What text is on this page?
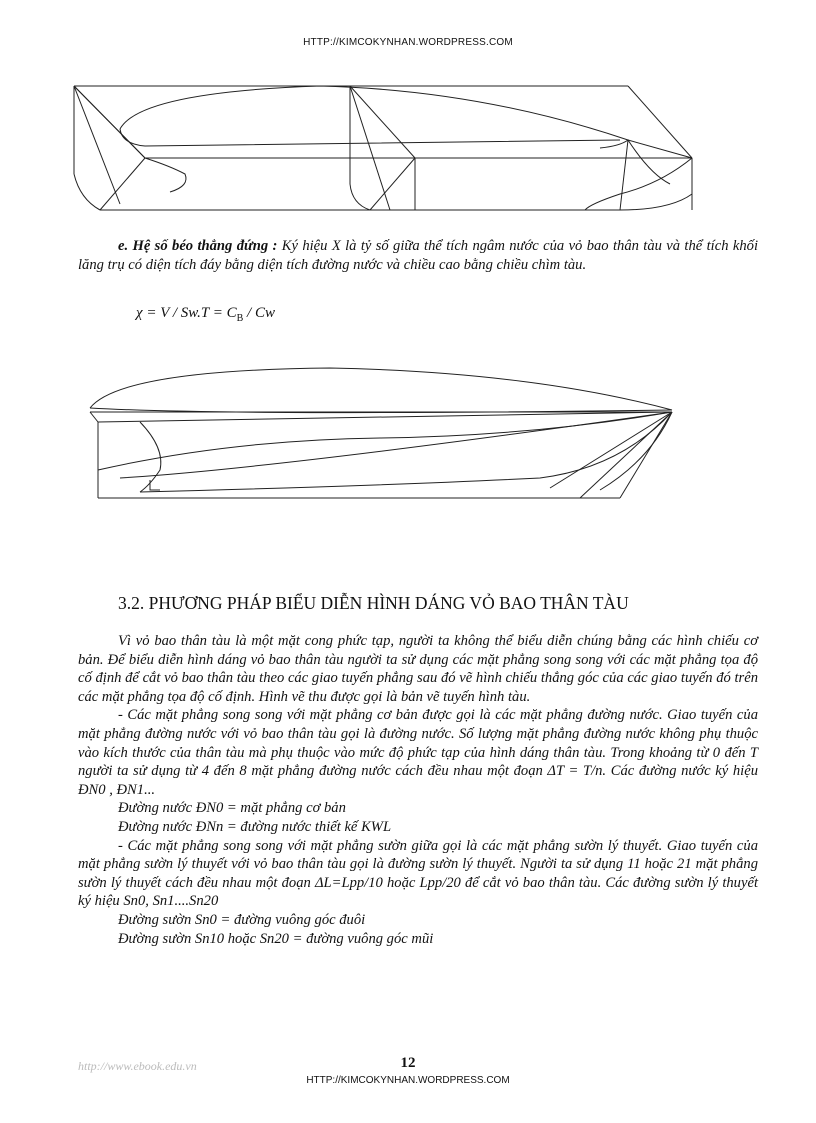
HTTP://KIMCOKYNHAN.WORDPRESS.COM

e. Hệ số béo thẳng đứng : Ký hiệu X là tỷ số giữa thể tích ngâm nước của vỏ bao thân tàu và thể tích khối lăng trụ có diện tích đáy bằng diện tích đường nước và chiều cao bằng chiều chìm tàu.

$\chi = V / Sw.T = C_B / Cw$
3.2. PHƯƠNG PHÁP BIỂU DIỄN HÌNH DÁNG VỎ BAO THÂN TÀU

Vì vỏ bao thân tàu là một mặt cong phức tạp, người ta không thể biểu diễn chúng bằng các hình chiếu cơ bản. Để biểu diễn hình dáng vỏ bao thân tàu người ta sử dụng các mặt phẳng song song với các mặt phẳng tọa độ cố định để cắt vỏ bao thân tàu theo các giao tuyến phẳng sau đó vẽ hình chiếu thẳng góc của các giao tuyến đó trên các mặt phẳng tọa độ cố định. Hình vẽ thu được gọi là bản vẽ tuyến hình tàu.

- Các mặt phẳng song song với mặt phẳng cơ bản được gọi là các mặt phẳng đường nước. Giao tuyến của mặt phẳng đường nước với vỏ bao thân tàu gọi là đường nước. Số lượng mặt phẳng đường nước không phụ thuộc vào kích thước của thân tàu mà phụ thuộc vào mức độ phức tạp của hình dáng thân tàu. Trong khoảng từ 0 đến T người ta sử dụng từ 4 đến 8 mặt phẳng đường nước cách đều nhau một đoạn ΔT = T/n. Các đường nước ký hiệu ĐN0 , ĐN1...

Đường nước ĐN0 = mặt phẳng cơ bản

Đường nước ĐNn = đường nước thiết kế KWL

- Các mặt phẳng song song với mặt phẳng sườn giữa gọi là các mặt phẳng sườn lý thuyết. Giao tuyến của mặt phẳng sườn lý thuyết với vỏ bao thân tàu gọi là đường sườn lý thuyết. Người ta sử dụng 11 hoặc 21 mặt phẳng sườn lý thuyết cách đều nhau một đoạn ΔL=Lpp/10 hoặc Lpp/20 để cắt vỏ bao thân tàu. Các đường sườn lý thuyết ký hiệu Sn0, Sn1....Sn20

Đường sườn Sn0 = đường vuông góc đuôi

Đường sườn Sn10 hoặc Sn20 = đường vuông góc mũi

http://www.ebook.edu.vn	12
HTTP://KIMCOKYNHAN.WORDPRESS.COM
